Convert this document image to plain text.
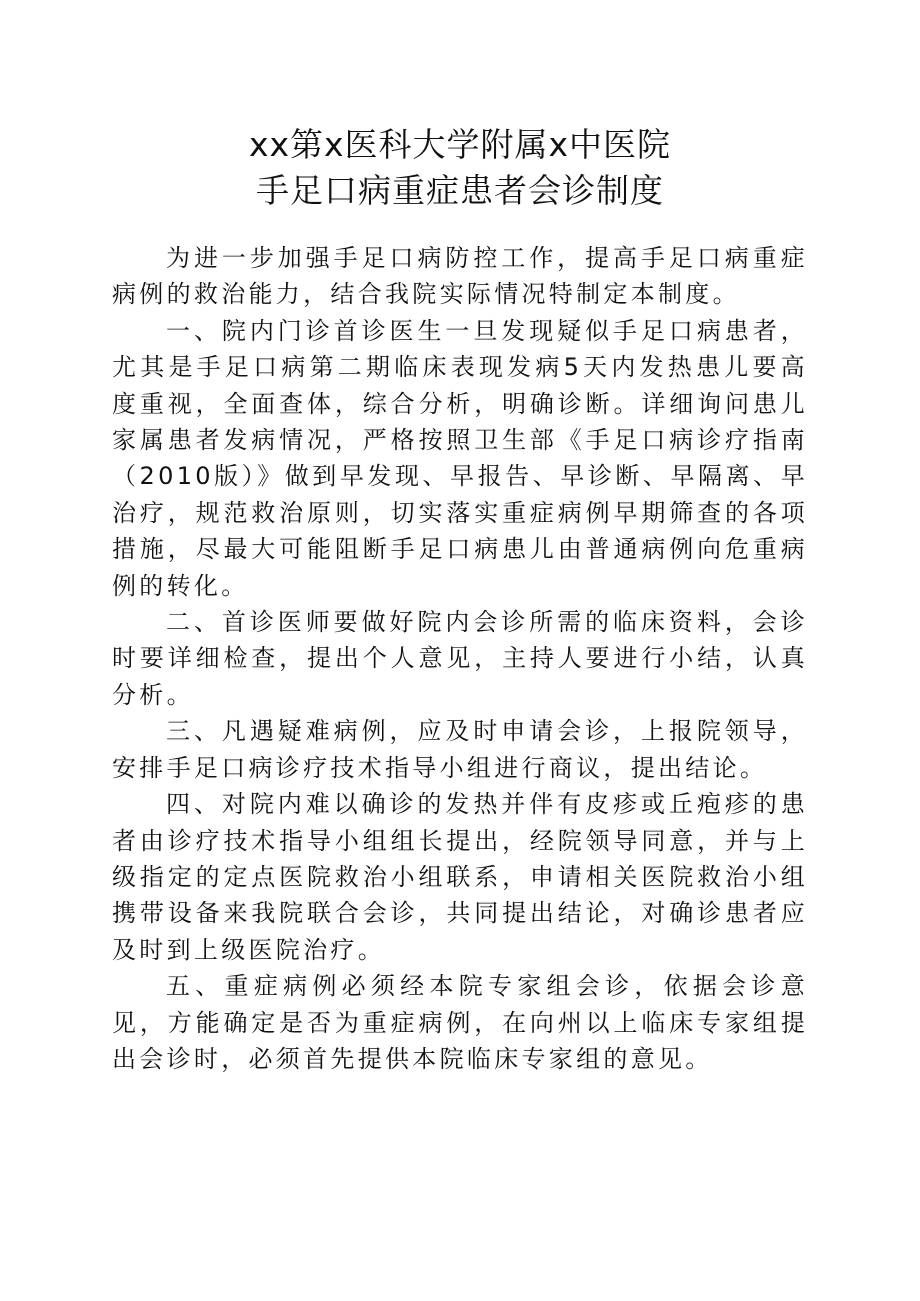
xx第x医科大学附属x中医院
手足口病重症患者会诊制度

为进一步加强手足口病防控工作，提高手足口病重症病例的救治能力，结合我院实际情况特制定本制度。

一、院内门诊首诊医生一旦发现疑似手足口病患者，尤其是手足口病第二期临床表现发病5天内发热患儿要高度重视，全面查体，综合分析，明确诊断。详细询问患儿家属患者发病情况，严格按照卫生部《手足口病诊疗指南（2010版）》做到早发现、早报告、早诊断、早隔离、早治疗，规范救治原则，切实落实重症病例早期筛查的各项措施，尽最大可能阻断手足口病患儿由普通病例向危重病例的转化。

二、首诊医师要做好院内会诊所需的临床资料，会诊时要详细检查，提出个人意见，主持人要进行小结，认真分析。

三、凡遇疑难病例，应及时申请会诊，上报院领导，安排手足口病诊疗技术指导小组进行商议，提出结论。

四、对院内难以确诊的发热并伴有皮疹或丘疱疹的患者由诊疗技术指导小组组长提出，经院领导同意，并与上级指定的定点医院救治小组联系，申请相关医院救治小组携带设备来我院联合会诊，共同提出结论，对确诊患者应及时到上级医院治疗。

五、重症病例必须经本院专家组会诊，依据会诊意见，方能确定是否为重症病例，在向州以上临床专家组提出会诊时，必须首先提供本院临床专家组的意见。
